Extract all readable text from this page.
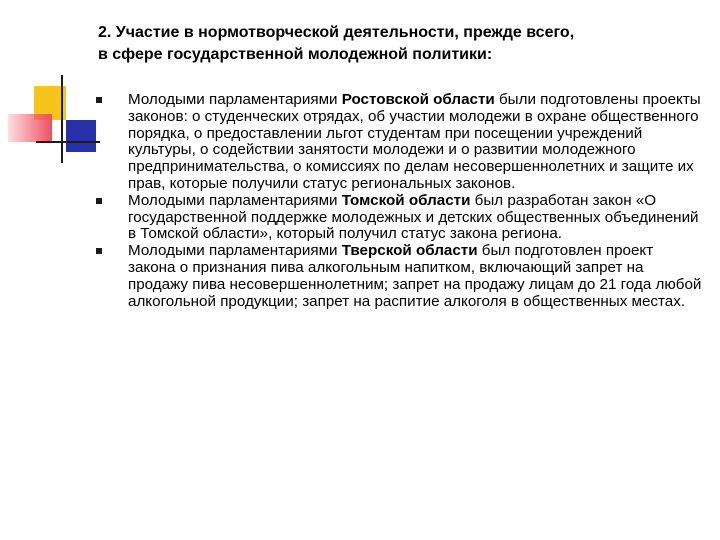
2. Участие в нормотворческой деятельности, прежде всего,
в сфере государственной молодежной политики:
Молодыми парламентариями Ростовской области были подготовлены проекты законов: о студенческих отрядах, об участии молодежи в охране общественного порядка, о предоставлении льгот студентам при посещении учреждений культуры, о содействии занятости молодежи и о развитии молодежного предпринимательства, о комиссиях по делам несовершеннолетних и защите их прав, которые получили статус региональных законов.
Молодыми парламентариями Томской области был разработан закон «О государственной поддержке молодежных и детских общественных объединений в Томской области», который получил статус закона региона.
Молодыми парламентариями Тверской области был подготовлен проект закона о признания пива алкогольным напитком, включающий запрет на продажу пива несовершеннолетним; запрет на продажу лицам до 21 года любой алкогольной продукции; запрет на распитие алкоголя в общественных местах.
